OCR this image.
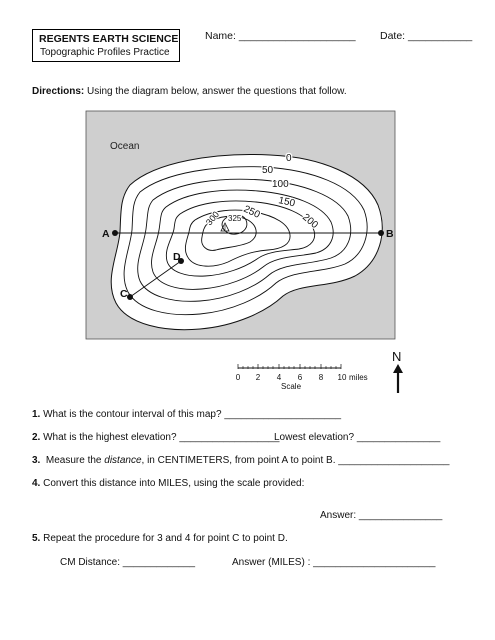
REGENTS EARTH SCIENCE
Topographic Profiles Practice
Name: ____________________ Date: ___________
Directions: Using the diagram below, answer the questions that follow.
Ocean
0
50
100
150
200
250
300 325
A	B
C
D
0 2 4 6 8 10 miles
Scale
N
1. What is the contour interval of this map? _____________________
2. What is the highest elevation? __________________
Lowest elevation? _______________
3.  Measure the distance, in CENTIMETERS, from point A to point B. ____________________
4. Convert this distance into MILES, using the scale provided:
Answer: _______________
5. Repeat the procedure for 3 and 4 for point C to point D.
CM Distance: _____________	Answer (MILES) : ______________________
